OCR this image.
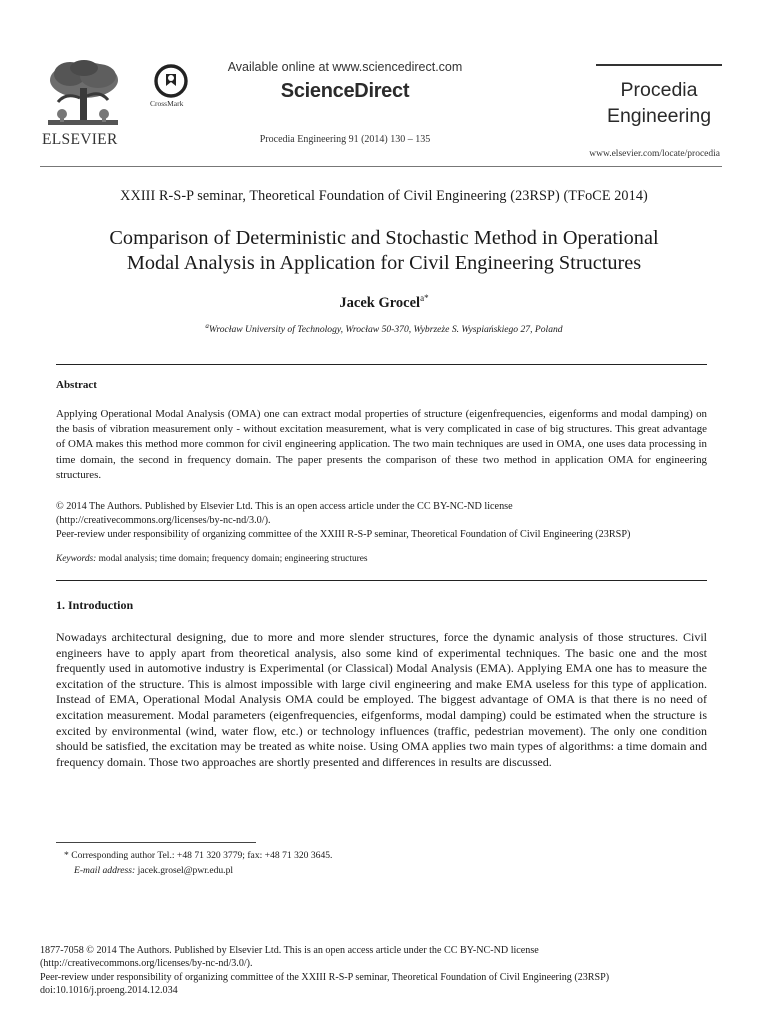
ELSEVIER
CrossMark
Available online at www.sciencedirect.com
ScienceDirect
Procedia Engineering 91 (2014) 130 – 135
Procedia
Engineering
www.elsevier.com/locate/procedia
XXIII R-S-P seminar, Theoretical Foundation of Civil Engineering (23RSP) (TFoCE 2014)
Comparison of Deterministic and Stochastic Method in Operational
Modal Analysis in Application for Civil Engineering Structures
Jacek Grocel$^{a*}$
$^a$Wrocław University of Technology, Wrocław 50-370, Wybrzeże S. Wyspiańskiego 27, Poland
Abstract
Applying Operational Modal Analysis (OMA) one can extract modal properties of structure (eigenfrequencies, eigenforms and modal damping) on the basis of vibration measurement only - without excitation measurement, what is very complicated in case of big structures. This great advantage of OMA makes this method more common for civil engineering application. The two main techniques are used in OMA, one uses data processing in time domain, the second in frequency domain. The paper presents the comparison of these two method in application OMA for engineering structures.
© 2014 The Authors. Published by Elsevier Ltd. This is an open access article under the CC BY-NC-ND license
(http://creativecommons.org/licenses/by-nc-nd/3.0/).
Peer-review under responsibility of organizing committee of the XXIII R-S-P seminar, Theoretical Foundation of Civil Engineering (23RSP)
Keywords: modal analysis; time domain; frequency domain; engineering structures
1. Introduction
Nowadays architectural designing, due to more and more slender structures, force the dynamic analysis of those structures. Civil engineers have to apply apart from theoretical analysis, also some kind of experimental techniques. The basic one and the most frequently used in automotive industry is Experimental (or Classical) Modal Analysis (EMA). Applying EMA one has to measure the excitation of the structure. This is almost impossible with large civil engineering and make EMA useless for this type of application. Instead of EMA, Operational Modal Analysis OMA could be employed. The biggest advantage of OMA is that there is no need of excitation measurement. Modal parameters (eigenfrequencies, eifgenforms, modal damping) could be estimated when the structure is excited by environmental (wind, water flow, etc.) or technology influences (traffic, pedestrian movement). The only one condition should be satisfied, the excitation may be treated as white noise. Using OMA applies two main types of algorithms: a time domain and frequency domain. Those two approaches are shortly presented and differences in results are discussed.
* Corresponding author Tel.: +48 71 320 3779; fax: +48 71 320 3645.
E-mail address: jacek.grosel@pwr.edu.pl
1877-7058 © 2014 The Authors. Published by Elsevier Ltd. This is an open access article under the CC BY-NC-ND license
(http://creativecommons.org/licenses/by-nc-nd/3.0/).
Peer-review under responsibility of organizing committee of the XXIII R-S-P seminar, Theoretical Foundation of Civil Engineering (23RSP)
doi:10.1016/j.proeng.2014.12.034
